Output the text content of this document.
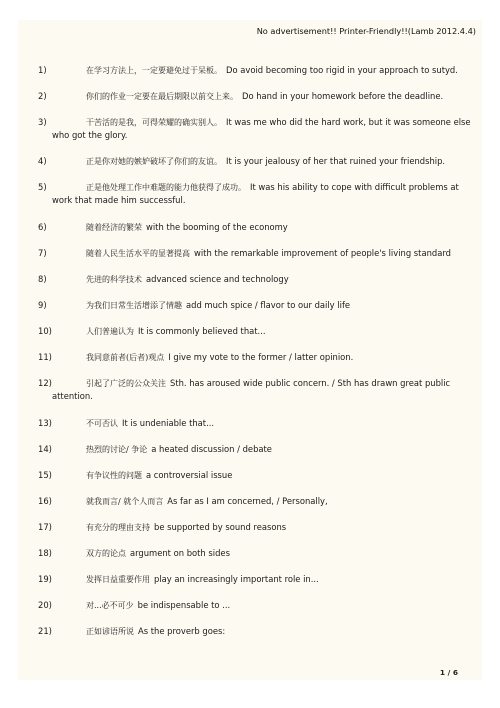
No advertisement!! Printer-Friendly!!(Lamb 2012.4.4)
1)	在学习方法上，一定要避免过于呆板。 Do avoid becoming too rigid in your approach to sutyd.
2)	你们的作业一定要在最后期限以前交上来。 Do hand in your homework before the deadline.
3)	干苦活的是我，可得荣耀的确实别人。 It was me who did the hard work, but it was someone else who got the glory.
4)	正是你对她的嫉妒破坏了你们的友谊。 It is your jealousy of her that ruined your friendship.
5)	正是他处理工作中难题的能力他获得了成功。 It was his ability to cope with difficult problems at work that made him successful.
6)	随着经济的繁荣 with the booming of the economy
7)	随着人民生活水平的显著提高 with the remarkable improvement of people's living standard
8)	先进的科学技术 advanced science and technology
9)	为我们日常生活增添了情趣 add much spice / flavor to our daily life
10)	人们普遍认为 It is commonly believed that...
11)	我同意前者(后者)观点 I give my vote to the former / latter opinion.
12)	引起了广泛的公众关注 Sth. has aroused wide public concern. / Sth has drawn great public attention.
13)	不可否认 It is undeniable that...
14)	热烈的讨论/ 争论 a heated discussion / debate
15)	有争议性的问题 a controversial issue
16)	就我而言/ 就个人而言 As far as I am concerned, / Personally,
17)	有充分的理由支持 be supported by sound reasons
18)	双方的论点 argument on both sides
19)	发挥日益重要作用 play an increasingly important role in...
20)	对...必不可少 be indispensable to ...
21)	正如谚语所说 As the proverb goes:
1 / 6
